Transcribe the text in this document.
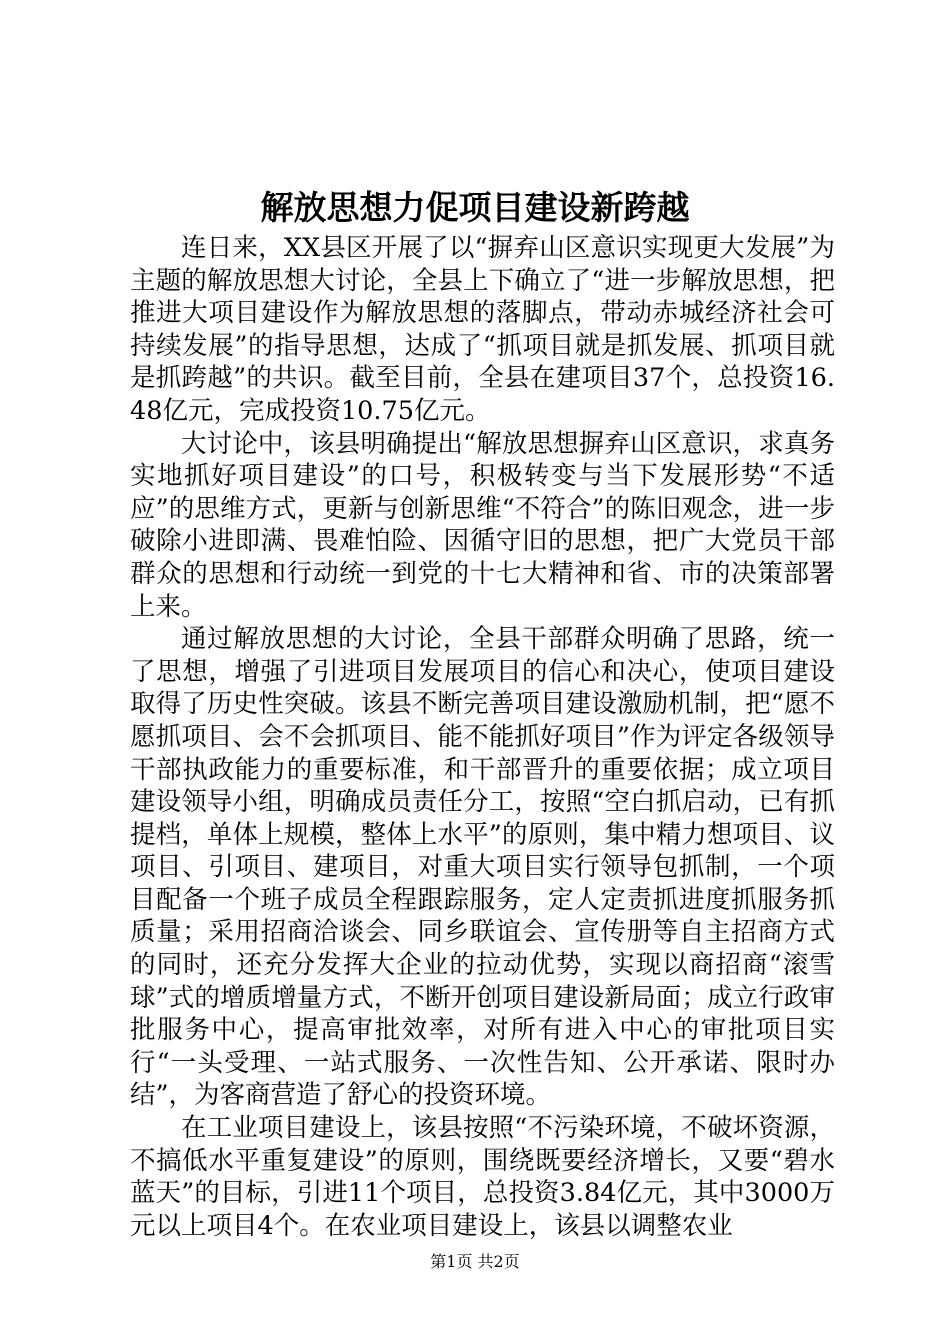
解放思想力促项目建设新跨越

连日来，XX县区开展了以“摒弃山区意识实现更大发展”为主题的解放思想大讨论，全县上下确立了“进一步解放思想，把推进大项目建设作为解放思想的落脚点，带动赤城经济社会可持续发展”的指导思想，达成了“抓项目就是抓发展、抓项目就是抓跨越”的共识。截至目前，全县在建项目37个，总投资16.48亿元，完成投资10.75亿元。

大讨论中，该县明确提出“解放思想摒弃山区意识，求真务实地抓好项目建设”的口号，积极转变与当下发展形势“不适应”的思维方式，更新与创新思维“不符合”的陈旧观念，进一步破除小进即满、畏难怕险、因循守旧的思想，把广大党员干部群众的思想和行动统一到党的十七大精神和省、市的决策部署上来。

通过解放思想的大讨论，全县干部群众明确了思路，统一了思想，增强了引进项目发展项目的信心和决心，使项目建设取得了历史性突破。该县不断完善项目建设激励机制，把“愿不愿抓项目、会不会抓项目、能不能抓好项目”作为评定各级领导干部执政能力的重要标准，和干部晋升的重要依据；成立项目建设领导小组，明确成员责任分工，按照“空白抓启动，已有抓提档，单体上规模，整体上水平”的原则，集中精力想项目、议项目、引项目、建项目，对重大项目实行领导包抓制，一个项目配备一个班子成员全程跟踪服务，定人定责抓进度抓服务抓质量；采用招商洽谈会、同乡联谊会、宣传册等自主招商方式的同时，还充分发挥大企业的拉动优势，实现以商招商“滚雪球”式的增质增量方式，不断开创项目建设新局面；成立行政审批服务中心，提高审批效率，对所有进入中心的审批项目实行“一头受理、一站式服务、一次性告知、公开承诺、限时办结”，为客商营造了舒心的投资环境。

在工业项目建设上，该县按照“不污染环境，不破坏资源，不搞低水平重复建设”的原则，围绕既要经济增长，又要“碧水蓝天”的目标，引进11个项目，总投资3.84亿元，其中3000万元以上项目4个。在农业项目建设上，该县以调整农业

第1页 共2页
